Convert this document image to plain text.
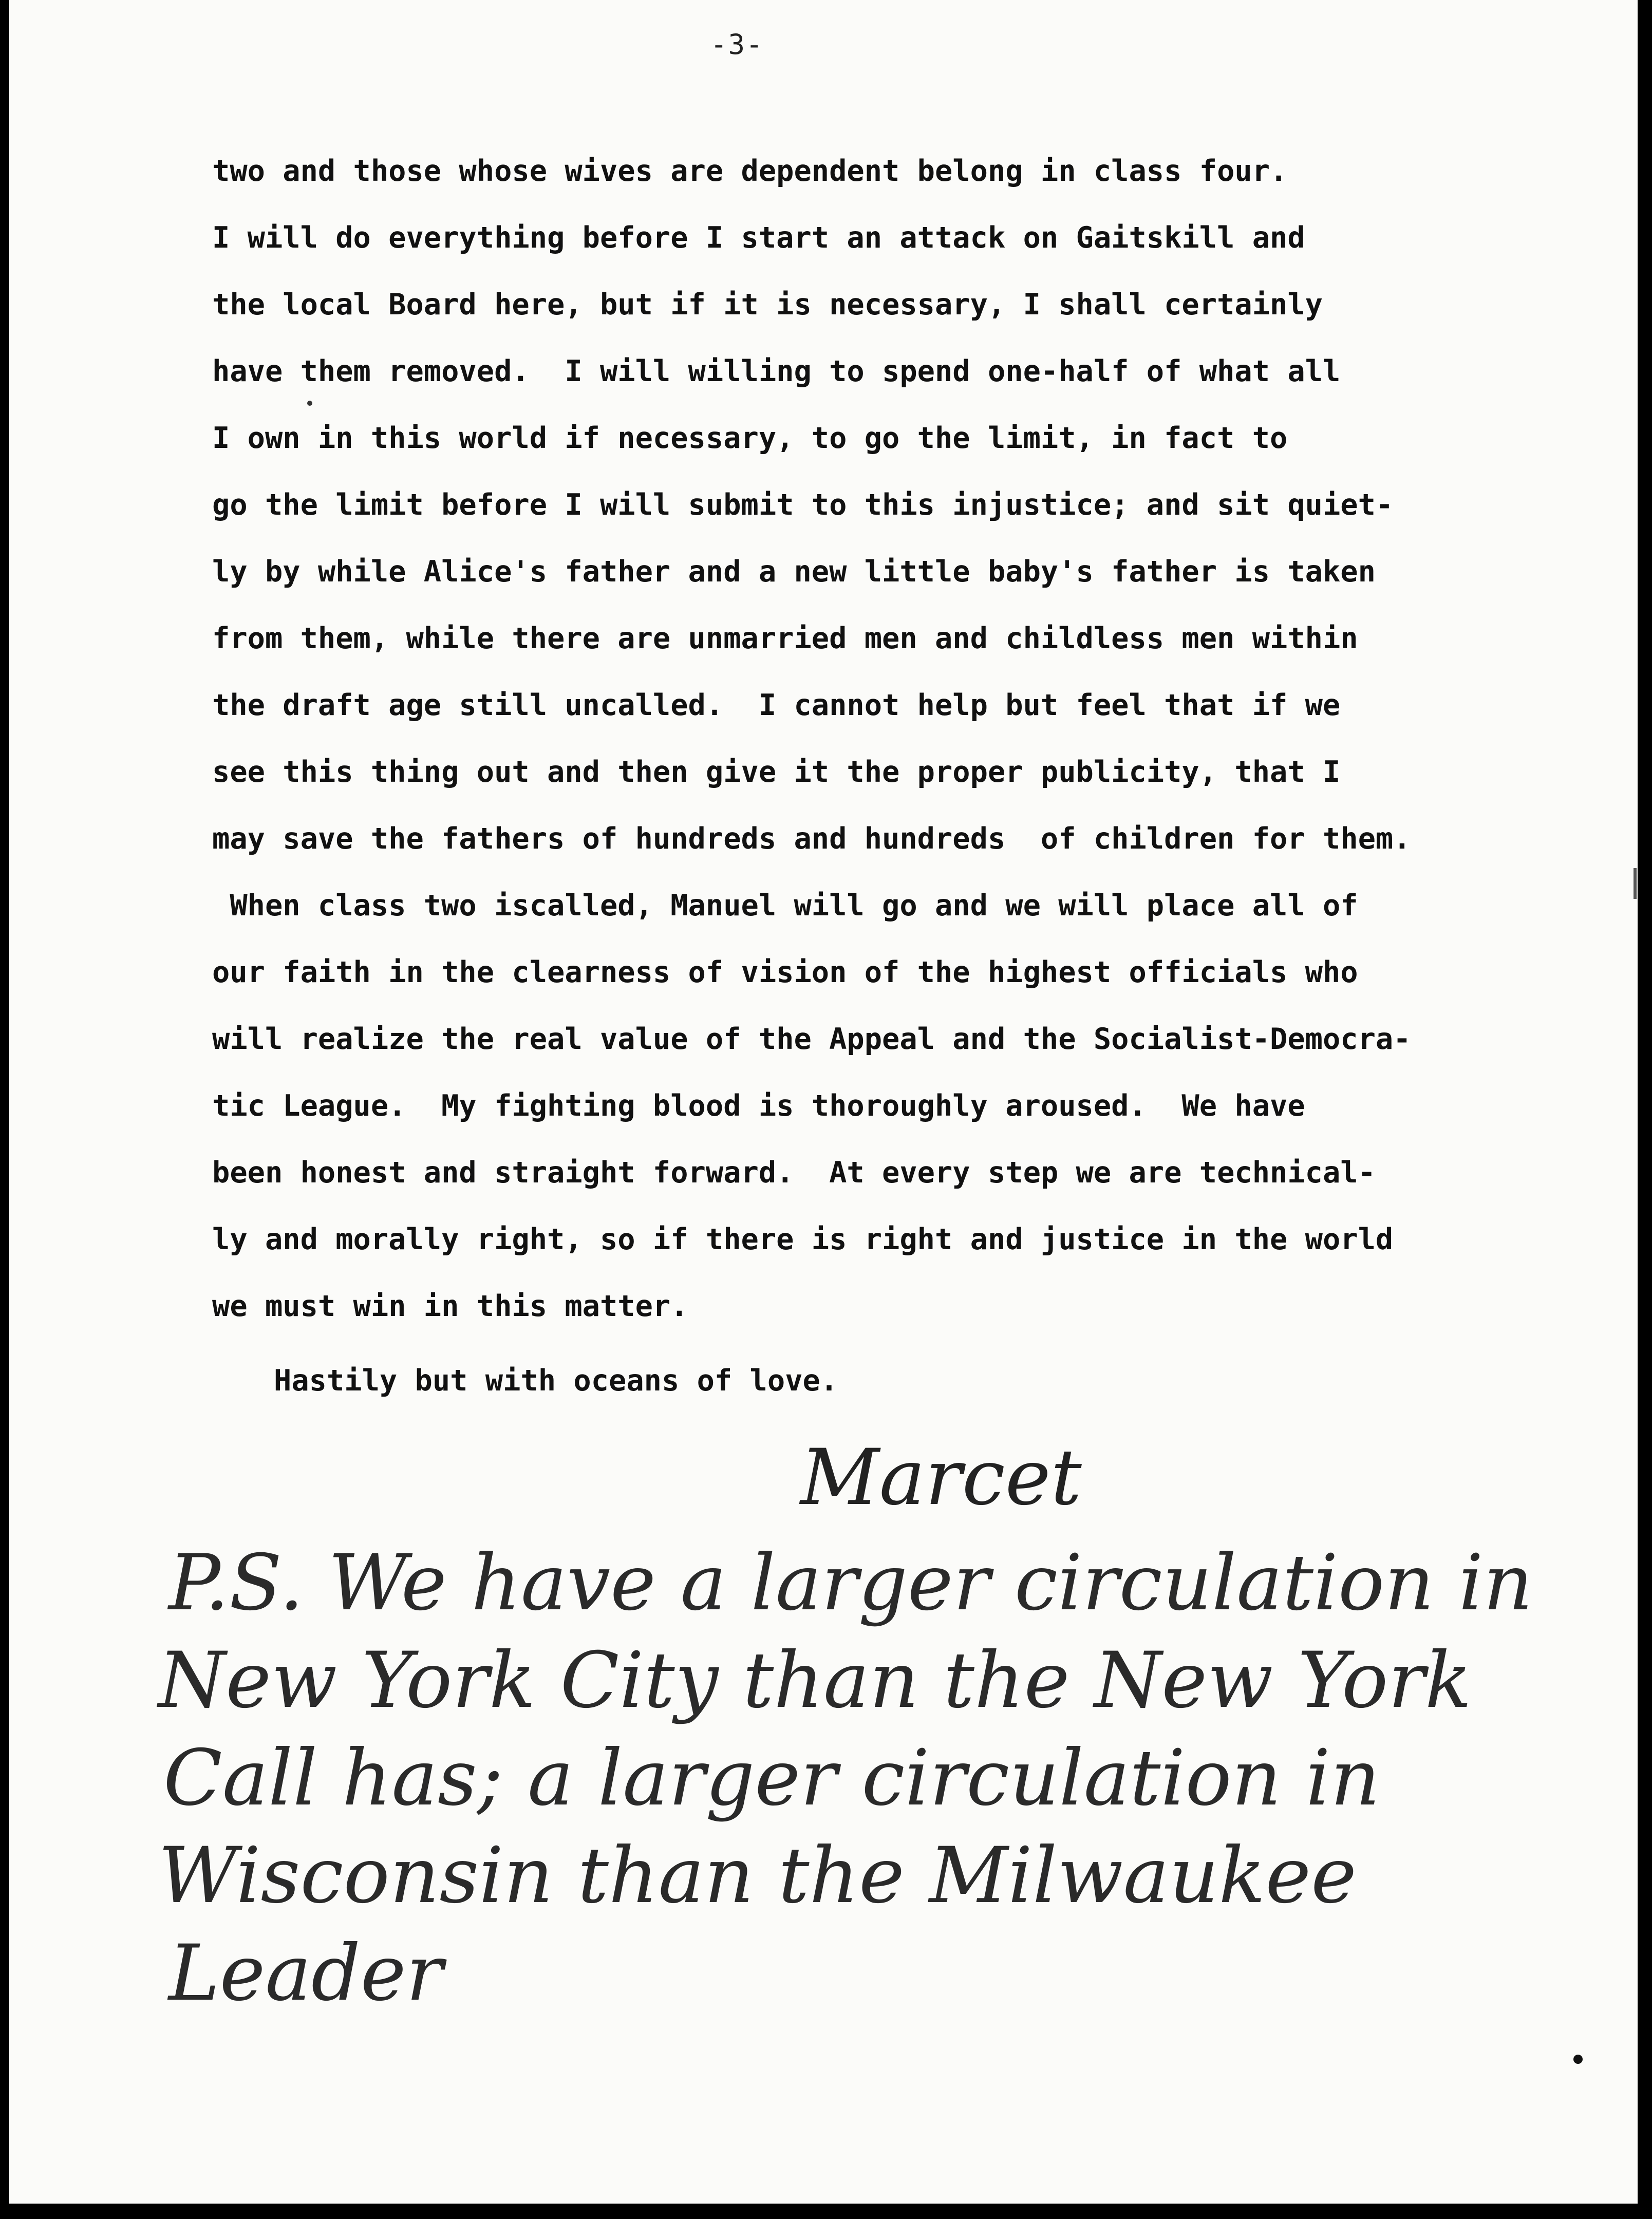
-3-
two and those whose wives are dependent belong in class four.
I will do everything before I start an attack on Gaitskill and
the local Board here, but if it is necessary, I shall certainly
have them removed.  I will willing to spend one-half of what all
I own in this world if necessary, to go the limit, in fact to
go the limit before I will submit to this injustice; and sit quiet-
ly by while Alice's father and a new little baby's father is taken
from them, while there are unmarried men and childless men within
the draft age still uncalled.  I cannot help but feel that if we
see this thing out and then give it the proper publicity, that I
may save the fathers of hundreds and hundreds  of children for them.
When class two iscalled, Manuel will go and we will place all of
our faith in the clearness of vision of the highest officials who
will realize the real value of the Appeal and the Socialist-Democra-
tic League.  My fighting blood is thoroughly aroused.  We have
been honest and straight forward.  At every step we are technical-
ly and morally right, so if there is right and justice in the world
we must win in this matter.
Hastily but with oceans of love.
Marcet
P.S. We have a larger circulation in
New York City than the New York
Call has; a larger circulation in
Wisconsin than the Milwaukee
Leader
